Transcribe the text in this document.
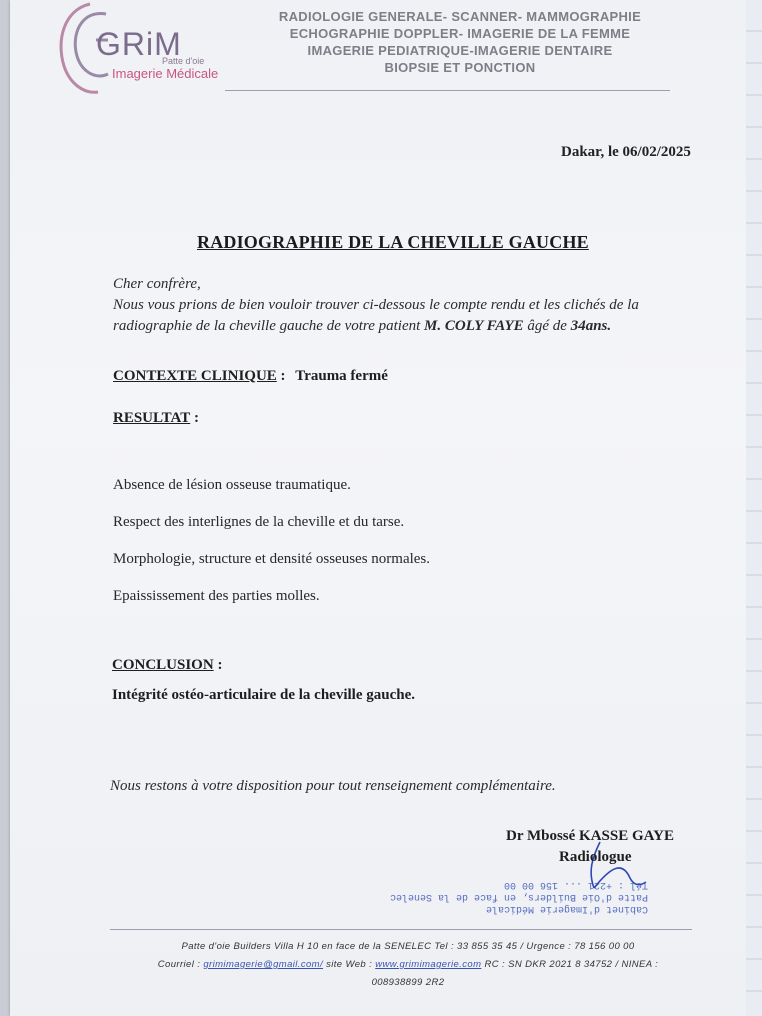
GRiM
Patte d'oie
Imagerie Médicale
RADIOLOGIE GENERALE- SCANNER- MAMMOGRAPHIE
ECHOGRAPHIE DOPPLER- IMAGERIE DE LA FEMME
IMAGERIE PEDIATRIQUE-IMAGERIE DENTAIRE
BIOPSIE ET PONCTION
Dakar, le 06/02/2025
RADIOGRAPHIE DE LA CHEVILLE GAUCHE
Cher confrère,
Nous vous prions de bien vouloir trouver ci-dessous le compte rendu et les clichés de la radiographie de la cheville gauche de votre patient M. COLY FAYE âgé de 34ans.
CONTEXTE CLINIQUE : Trauma fermé
RESULTAT :
Absence de lésion osseuse traumatique.
Respect des interlignes de la cheville et du tarse.
Morphologie, structure et densité osseuses normales.
Epaississement des parties molles.
CONCLUSION :
Intégrité ostéo-articulaire de la cheville gauche.
Nous restons à votre disposition pour tout renseignement complémentaire.
Cabinet d'Imagerie Médicale
Patte d'Oie Builders, en face de la Senelec
Tél : +221 ... 156 00 00
Dr Mbossé KASSE GAYE
Radiologue
Patte d'oie Builders Villa H 10 en face de la SENELEC Tel : 33 855 35 45 / Urgence : 78 156 00 00
Courriel : grimimagerie@gmail.com/ site Web : www.grimimagerie.com RC : SN DKR 2021 8 34752 / NINEA :
008938899 2R2
